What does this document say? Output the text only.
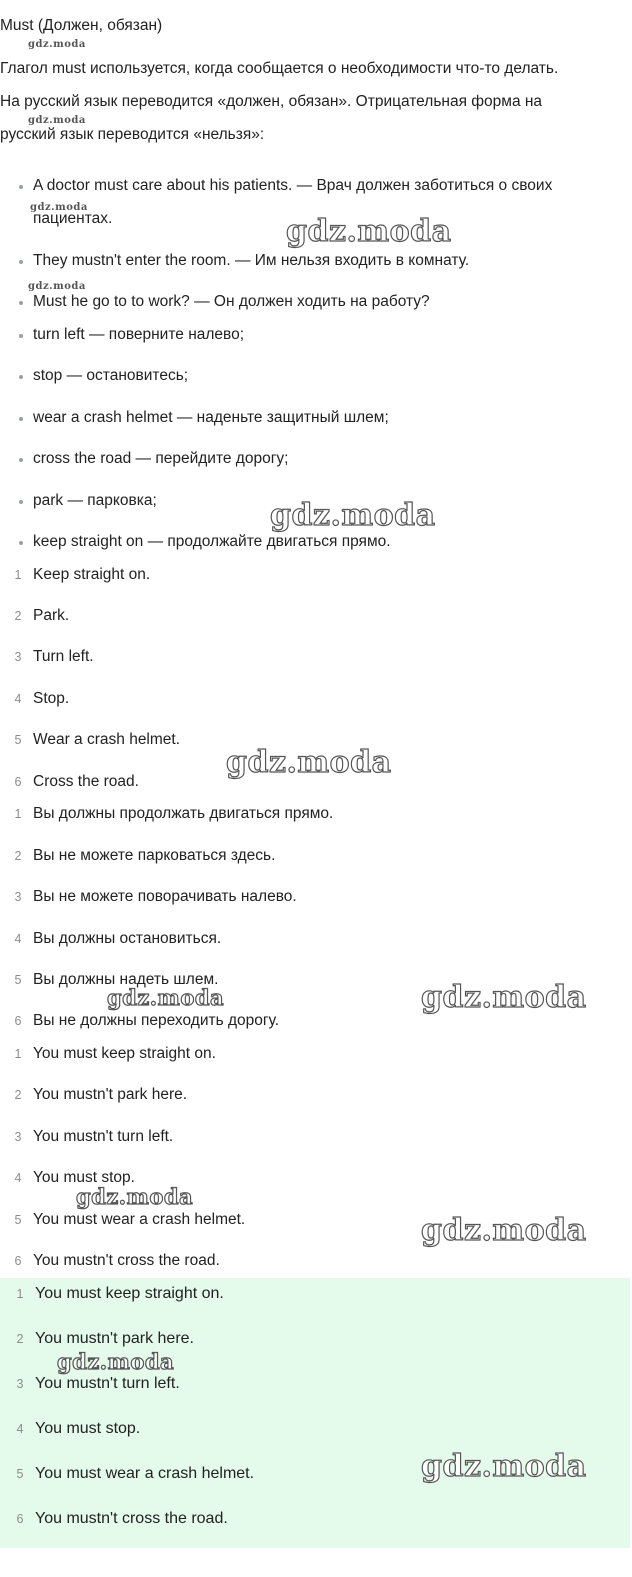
Must (Должен, обязан)
Глагол must используется, когда сообщается о необходимости что-то делать.
На русский язык переводится «должен, обязан». Отрицательная форма на
русский язык переводится «нельзя»:
A doctor must care about his patients. — Врач должен заботиться о своих
пациентах.
They mustn't enter the room. — Им нельзя входить в комнату.
Must he go to to work? — Он должен ходить на работу?
turn left — поверните налево;
stop — остановитесь;
wear a crash helmet — наденьте защитный шлем;
cross the road — перейдите дорогу;
park — парковка;
keep straight on — продолжайте двигаться прямо.
1 Keep straight on.
2 Park.
3 Turn left.
4 Stop.
5 Wear a crash helmet.
6 Cross the road.
1 Вы должны продолжать двигаться прямо.
2 Вы не можете парковаться здесь.
3 Вы не можете поворачивать налево.
4 Вы должны остановиться.
5 Вы должны надеть шлем.
6 Вы не должны переходить дорогу.
1 You must keep straight on.
2 You mustn't park here.
3 You mustn't turn left.
4 You must stop.
5 You must wear a crash helmet.
6 You mustn't cross the road.
1 You must keep straight on.
2 You mustn't park here.
3 You mustn't turn left.
4 You must stop.
5 You must wear a crash helmet.
6 You mustn't cross the road.
gdz.moda
gdz.moda
gdz.moda
gdz.moda
gdz.moda
gdz.moda
gdz.moda
gdz.moda	gdz.moda
gdz.moda
gdz.moda
gdz.moda
gdz.moda
